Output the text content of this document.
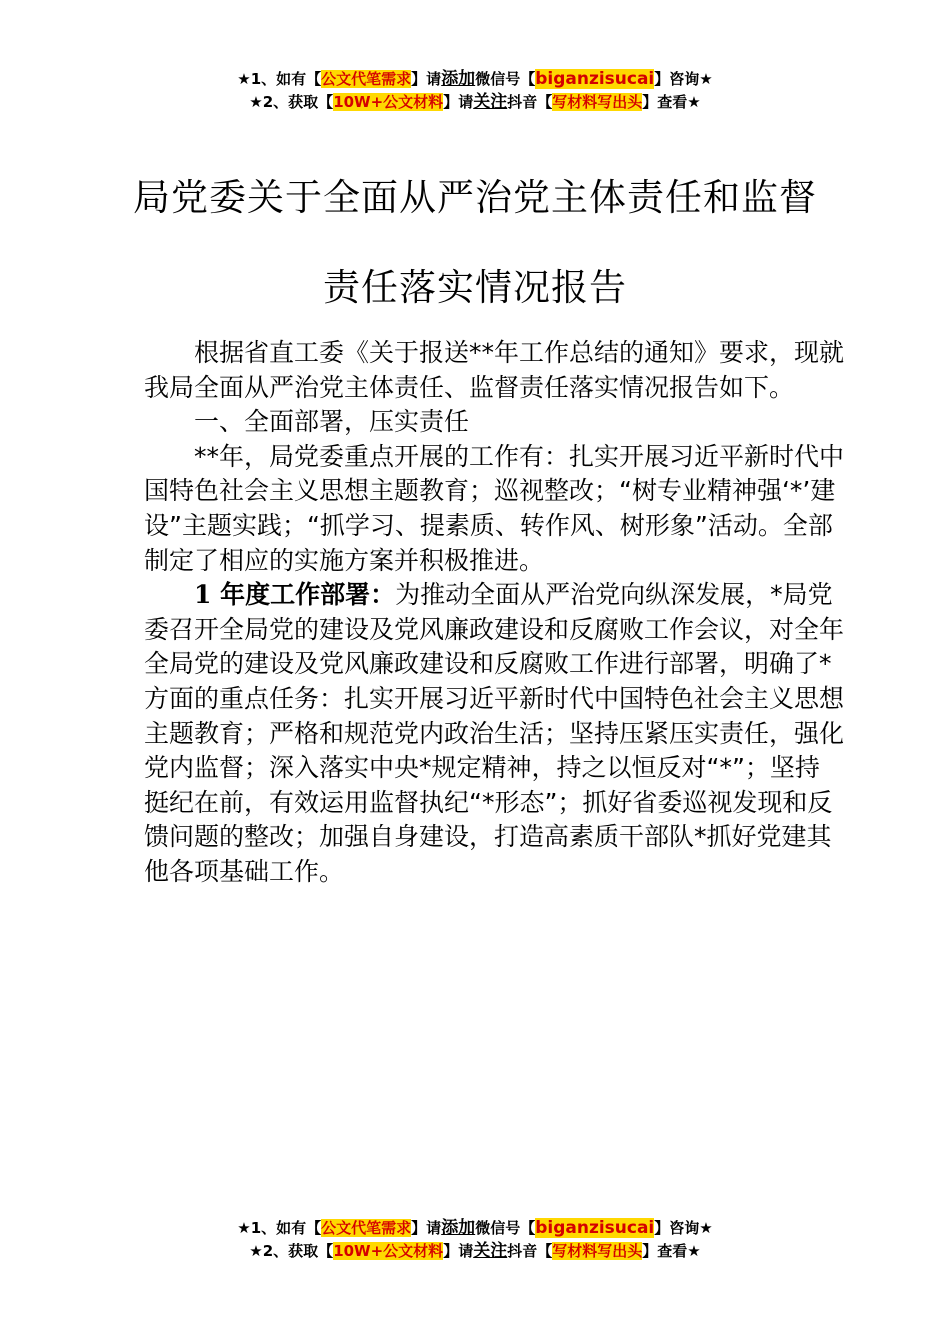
★1、如有【公文代笔需求】请添加微信号【biganzisucai】咨询★
★2、获取【10W+公文材料】请关注抖音【写材料写出头】查看★
局党委关于全面从严治党主体责任和监督
责任落实情况报告

根据省直工委《关于报送**年工作总结的通知》要求，现就我局全面从严治党主体责任、监督责任落实情况报告如下。

一、全面部署，压实责任

**年，局党委重点开展的工作有：扎实开展习近平新时代中国特色社会主义思想主题教育；巡视整改；“树专业精神强‘*’建设”主题实践；“抓学习、提素质、转作风、树形象”活动。全部制定了相应的实施方案并积极推进。

1 年度工作部署：为推动全面从严治党向纵深发展，*局党委召开全局党的建设及党风廉政建设和反腐败工作会议，对全年全局党的建设及党风廉政建设和反腐败工作进行部署，明确了*方面的重点任务：扎实开展习近平新时代中国特色社会主义思想主题教育；严格和规范党内政治生活；坚持压紧压实责任，强化党内监督；深入落实中央*规定精神，持之以恒反对“*”；坚持挺纪在前，有效运用监督执纪“*形态”；抓好省委巡视发现和反馈问题的整改；加强自身建设，打造高素质干部队*抓好党建其他各项基础工作。

★1、如有【公文代笔需求】请添加微信号【biganzisucai】咨询★
★2、获取【10W+公文材料】请关注抖音【写材料写出头】查看★
